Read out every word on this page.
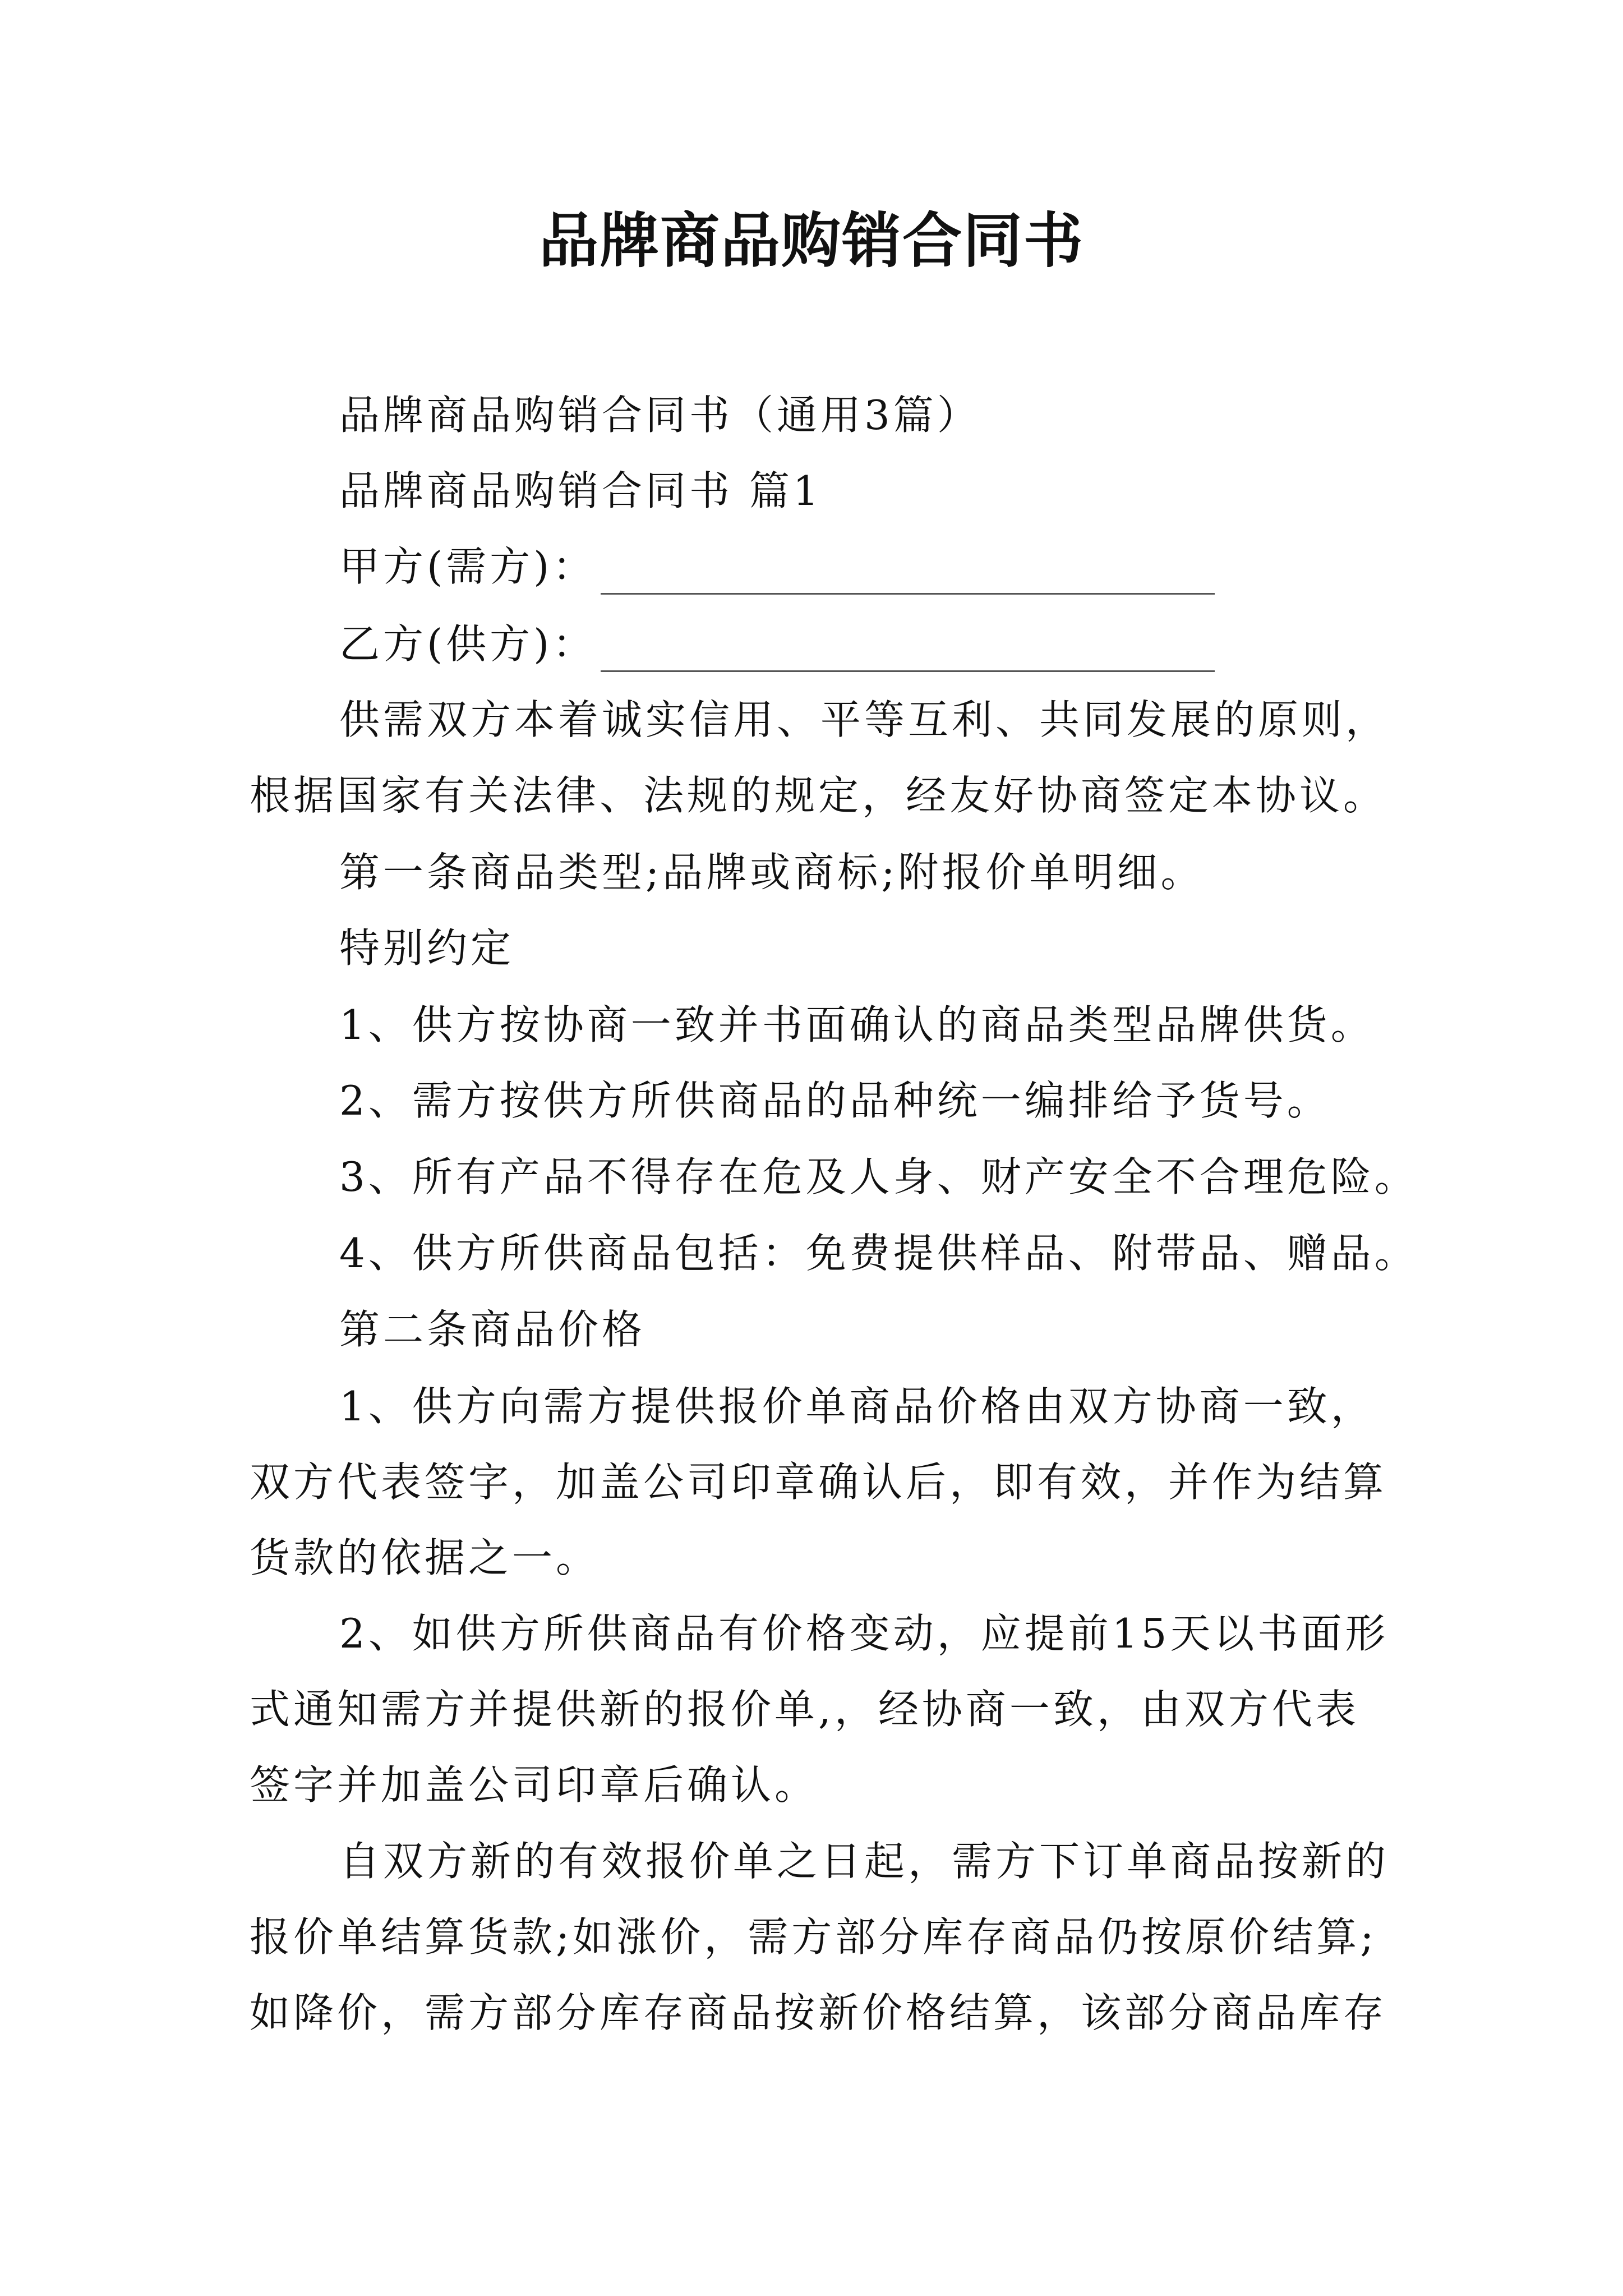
品牌商品购销合同书
品牌商品购销合同书（通用3篇）
品牌商品购销合同书 篇1
甲方(需方)：
乙方(供方)：
供需双方本着诚实信用、平等互利、共同发展的原则，
根据国家有关法律、法规的规定，经友好协商签定本协议。
第一条商品类型;品牌或商标;附报价单明细。
特别约定
1、供方按协商一致并书面确认的商品类型品牌供货。
2、需方按供方所供商品的品种统一编排给予货号。
3、所有产品不得存在危及人身、财产安全不合理危险。
4、供方所供商品包括：免费提供样品、附带品、赠品。
第二条商品价格
1、供方向需方提供报价单商品价格由双方协商一致，
双方代表签字，加盖公司印章确认后，即有效，并作为结算
货款的依据之一。
2、如供方所供商品有价格变动，应提前15天以书面形
式通知需方并提供新的报价单,，经协商一致，由双方代表
签字并加盖公司印章后确认。
自双方新的有效报价单之日起，需方下订单商品按新的
报价单结算货款;如涨价，需方部分库存商品仍按原价结算;
如降价，需方部分库存商品按新价格结算，该部分商品库存
